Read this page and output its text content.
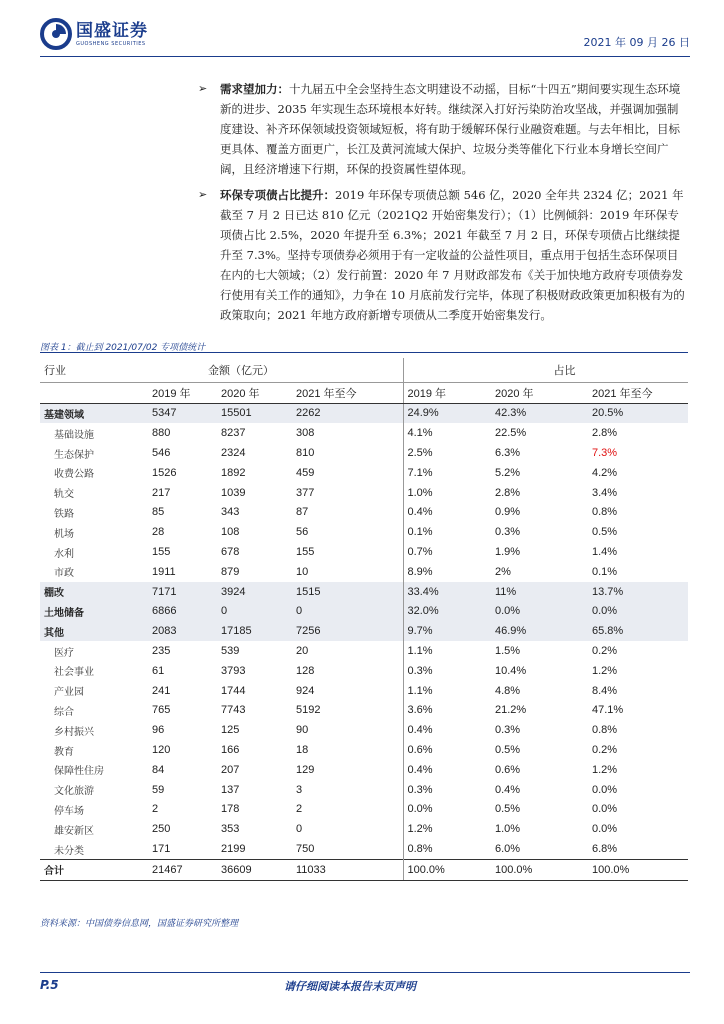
国盛证券
GUOSHENG SECURITIES	2021 年 09 月 26 日
➢ 需求望加力：十九届五中全会坚持生态文明建设不动摇，目标“十四五”期间要实现生态环境新的进步、2035 年实现生态环境根本好转。继续深入打好污染防治攻坚战，并强调加强制度建设、补齐环保领域投资领域短板，将有助于缓解环保行业融资难题。与去年相比，目标更具体、覆盖方面更广，长江及黄河流域大保护、垃圾分类等催化下行业本身增长空间广阔，且经济增速下行期，环保的投资属性望体现。
➢ 环保专项债占比提升：2019 年环保专项债总额 546 亿，2020 全年共 2324 亿；2021 年截至 7 月 2 日已达 810 亿元（2021Q2 开始密集发行）；（1）比例倾斜：2019 年环保专项债占比 2.5%，2020 年提升至 6.3%；2021 年截至 7 月 2 日，环保专项债占比继续提升至 7.3%。坚持专项债券必须用于有一定收益的公益性项目，重点用于包括生态环保项目在内的七大领域；（2）发行前置：2020 年 7 月财政部发布《关于加快地方政府专项债券发行使用有关工作的通知》，力争在 10 月底前发行完毕，体现了积极财政政策更加积极有为的政策取向；2021 年地方政府新增专项债从二季度开始密集发行。
图表 1：截止到 2021/07/02 专项债统计
行业	金额（亿元）			占比		
	2019 年	2020 年	2021 年至今	2019 年	2020 年	2021 年至今
基建领域	5347	15501	2262	24.9%	42.3%	20.5%
基础设施	880	8237	308	4.1%	22.5%	2.8%
生态保护	546	2324	810	2.5%	6.3%	7.3%
收费公路	1526	1892	459	7.1%	5.2%	4.2%
轨交	217	1039	377	1.0%	2.8%	3.4%
铁路	85	343	87	0.4%	0.9%	0.8%
机场	28	108	56	0.1%	0.3%	0.5%
水利	155	678	155	0.7%	1.9%	1.4%
市政	1911	879	10	8.9%	2%	0.1%
棚改	7171	3924	1515	33.4%	11%	13.7%
土地储备	6866	0	0	32.0%	0.0%	0.0%
其他	2083	17185	7256	9.7%	46.9%	65.8%
医疗	235	539	20	1.1%	1.5%	0.2%
社会事业	61	3793	128	0.3%	10.4%	1.2%
产业园	241	1744	924	1.1%	4.8%	8.4%
综合	765	7743	5192	3.6%	21.2%	47.1%
乡村振兴	96	125	90	0.4%	0.3%	0.8%
教育	120	166	18	0.6%	0.5%	0.2%
保障性住房	84	207	129	0.4%	0.6%	1.2%
文化旅游	59	137	3	0.3%	0.4%	0.0%
停车场	2	178	2	0.0%	0.5%	0.0%
雄安新区	250	353	0	1.2%	1.0%	0.0%
未分类	171	2199	750	0.8%	6.0%	6.8%
合计	21467	36609	11033	100.0%	100.0%	100.0%
资料来源：中国债券信息网，国盛证券研究所整理
P.5	请仔细阅读本报告末页声明
